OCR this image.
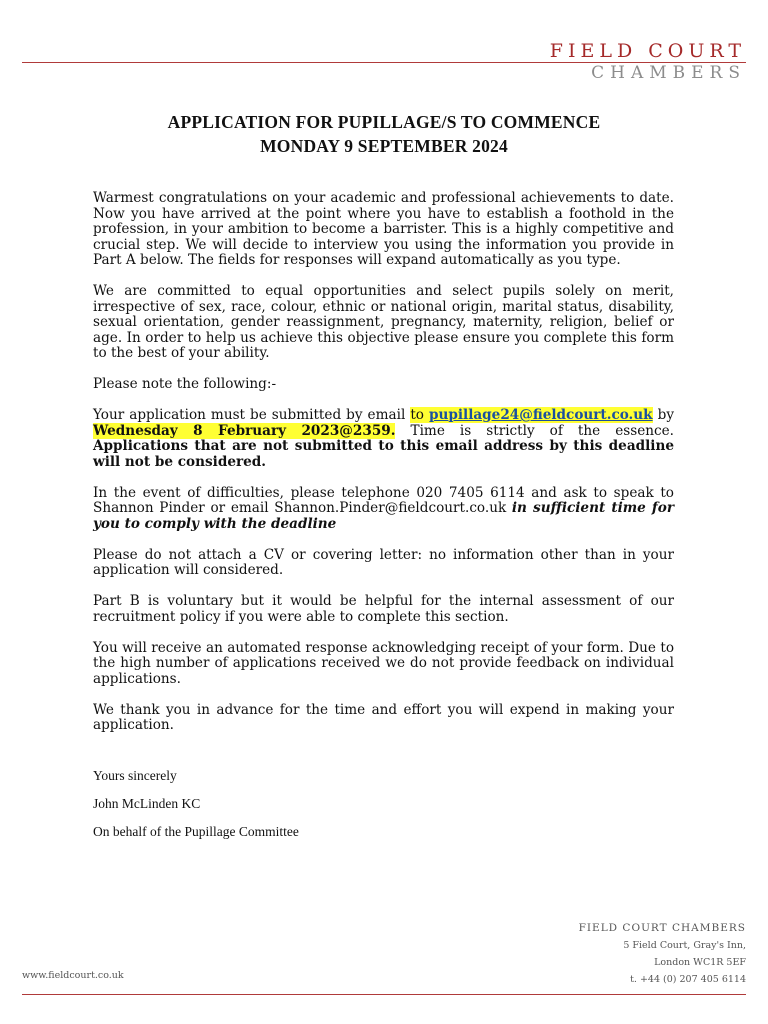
FIELD COURT
CHAMBERS
APPLICATION FOR PUPILLAGE/S TO COMMENCE
MONDAY 9 SEPTEMBER 2024

Warmest congratulations on your academic and professional achievements to date. Now you have arrived at the point where you have to establish a foothold in the profession, in your ambition to become a barrister. This is a highly competitive and crucial step. We will decide to interview you using the information you provide in Part A below. The fields for responses will expand automatically as you type.

We are committed to equal opportunities and select pupils solely on merit, irrespective of sex, race, colour, ethnic or national origin, marital status, disability, sexual orientation, gender reassignment, pregnancy, maternity, religion, belief or age. In order to help us achieve this objective please ensure you complete this form to the best of your ability.

Please note the following:-

Your application must be submitted by email to pupillage24@fieldcourt.co.uk by Wednesday 8 February 2023@2359. Time is strictly of the essence. Applications that are not submitted to this email address by this deadline will not be considered.

In the event of difficulties, please telephone 020 7405 6114 and ask to speak to Shannon Pinder or email Shannon.Pinder@fieldcourt.co.uk in sufficient time for you to comply with the deadline

Please do not attach a CV or covering letter: no information other than in your application will considered.

Part B is voluntary but it would be helpful for the internal assessment of our recruitment policy if you were able to complete this section.

You will receive an automated response acknowledging receipt of your form. Due to the high number of applications received we do not provide feedback on individual applications.

We thank you in advance for the time and effort you will expend in making your application.

Yours sincerely

John McLinden KC

On behalf of the Pupillage Committee

FIELD COURT CHAMBERS
5 Field Court, Gray's Inn,
London WC1R 5EF
t. +44 (0) 207 405 6114
www.fieldcourt.co.uk
